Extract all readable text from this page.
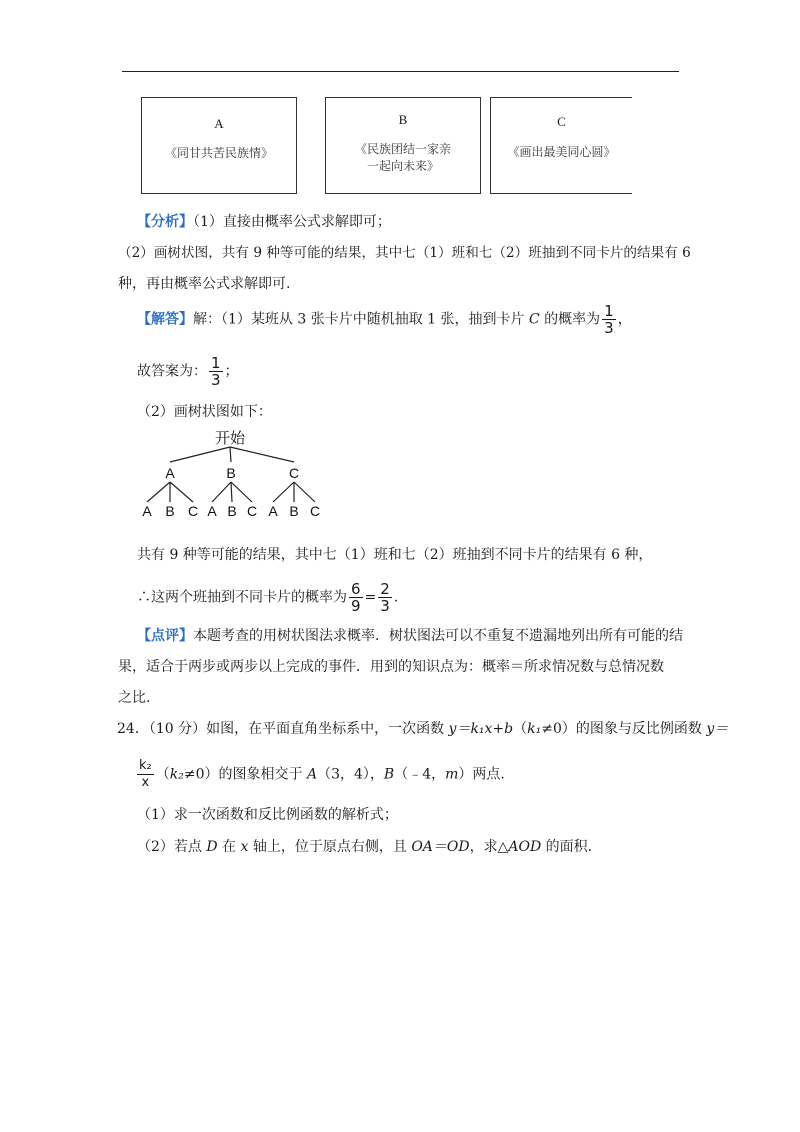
A
《同甘共苦民族情》
B
《民族团结一家亲
一起向未来》
C
《画出最美同心圆》
【分析】（1）直接由概率公式求解即可；
（2）画树状图，共有 9 种等可能的结果，其中七（1）班和七（2）班抽到不同卡片的结果有 6
种，再由概率公式求解即可.
【解答】解：（1）某班从 3 张卡片中随机抽取 1 张，抽到卡片 C 的概率为 $\frac{1}{3}$ ，
故答案为： $\frac{1}{3}$ ；
（2）画树状图如下：
开始
A	B	C
A B C A B C A B C
共有 9 种等可能的结果，其中七（1）班和七（2）班抽到不同卡片的结果有 6 种，
∴这两个班抽到不同卡片的概率为 $\frac{6}{9} = \frac{2}{3}$ .
【点评】本题考查的用树状图法求概率．树状图法可以不重复不遗漏地列出所有可能的结
果，适合于两步或两步以上完成的事件．用到的知识点为：概率＝所求情况数与总情况数
之比.
24．（10 分）如图，在平面直角坐标系中，一次函数 y＝k₁x+b（k₁≠0）的图象与反比例函数 y＝
$\frac{\text{k₂}}{x} (k_2\ne 0)$的图象相交于 A（3，4），B（﹣4，m）两点.
（1）求一次函数和反比例函数的解析式；
（2）若点 D 在 x 轴上，位于原点右侧，且 OA＝OD，求△AOD 的面积.
